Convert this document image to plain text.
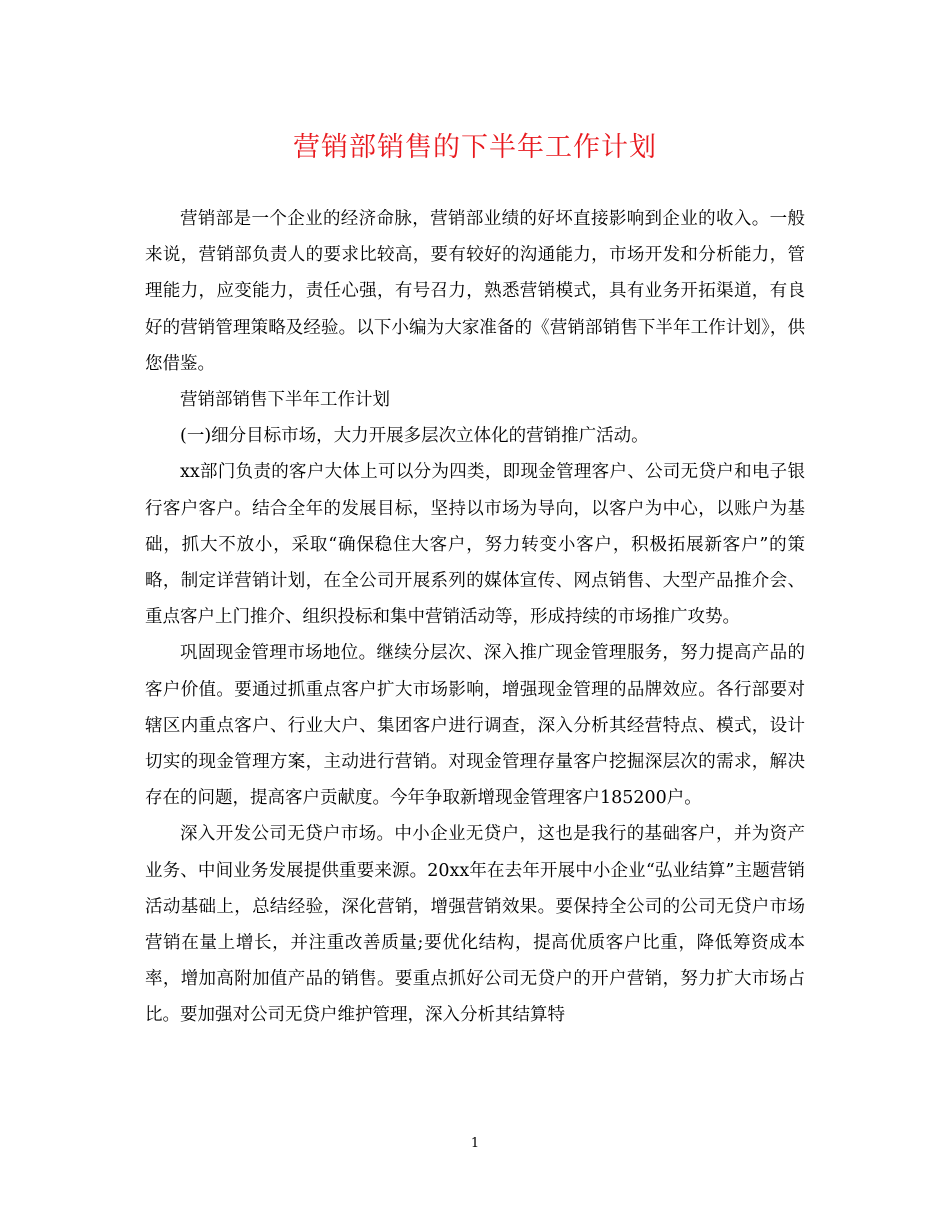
营销部销售的下半年工作计划

营销部是一个企业的经济命脉，营销部业绩的好坏直接影响到企业的收入。一般来说，营销部负责人的要求比较高，要有较好的沟通能力，市场开发和分析能力，管理能力，应变能力，责任心强，有号召力，熟悉营销模式，具有业务开拓渠道，有良好的营销管理策略及经验。以下小编为大家准备的《营销部销售下半年工作计划》，供您借鉴。

营销部销售下半年工作计划

(一)细分目标市场，大力开展多层次立体化的营销推广活动。

xx部门负责的客户大体上可以分为四类，即现金管理客户、公司无贷户和电子银行客户客户。结合全年的发展目标，坚持以市场为导向，以客户为中心，以账户为基础，抓大不放小，采取“确保稳住大客户，努力转变小客户，积极拓展新客户”的策略，制定详营销计划，在全公司开展系列的媒体宣传、网点销售、大型产品推介会、重点客户上门推介、组织投标和集中营销活动等，形成持续的市场推广攻势。

巩固现金管理市场地位。继续分层次、深入推广现金管理服务，努力提高产品的客户价值。要通过抓重点客户扩大市场影响，增强现金管理的品牌效应。各行部要对辖区内重点客户、行业大户、集团客户进行调查，深入分析其经营特点、模式，设计切实的现金管理方案，主动进行营销。对现金管理存量客户挖掘深层次的需求，解决存在的问题，提高客户贡献度。今年争取新增现金管理客户185200户。

深入开发公司无贷户市场。中小企业无贷户，这也是我行的基础客户，并为资产业务、中间业务发展提供重要来源。20xx年在去年开展中小企业“弘业结算”主题营销活动基础上，总结经验，深化营销，增强营销效果。要保持全公司的公司无贷户市场营销在量上增长，并注重改善质量;要优化结构，提高优质客户比重，降低筹资成本率，增加高附加值产品的销售。要重点抓好公司无贷户的开户营销，努力扩大市场占比。要加强对公司无贷户维护管理，深入分析其结算特

1
